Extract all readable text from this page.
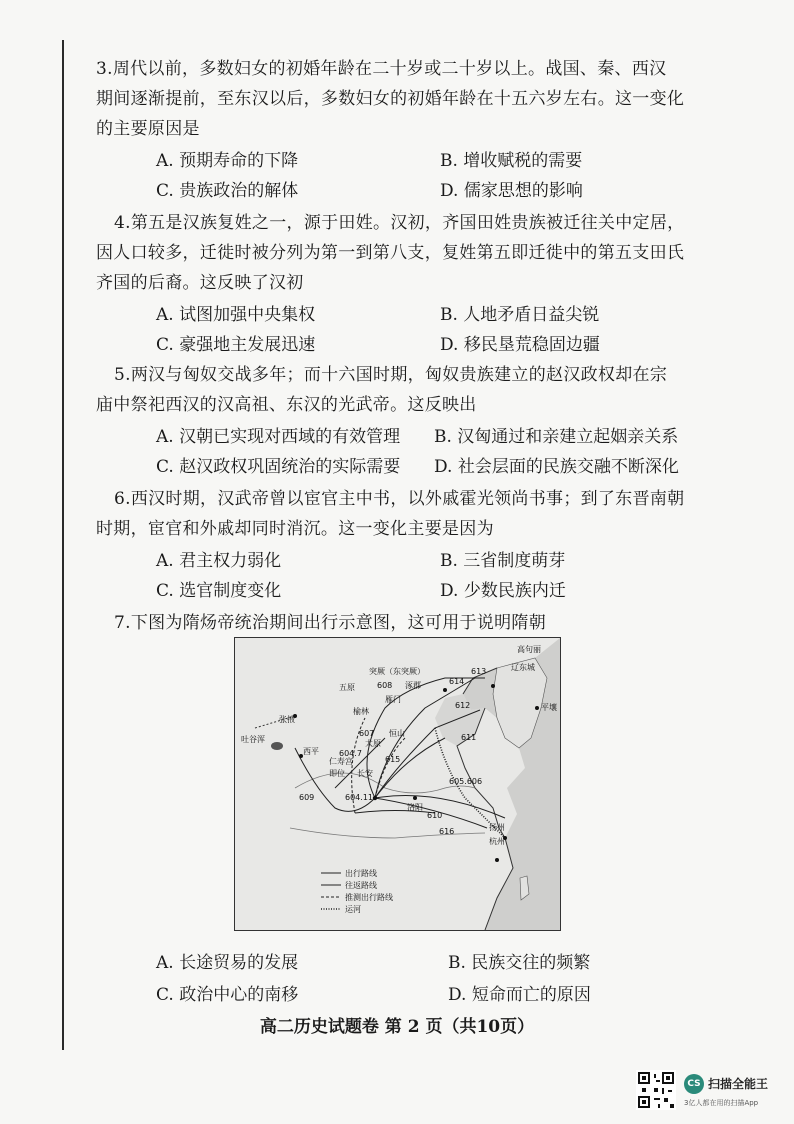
3.周代以前，多数妇女的初婚年龄在二十岁或二十岁以上。战国、秦、西汉
期间逐渐提前，至东汉以后，多数妇女的初婚年龄在十五六岁左右。这一变化
的主要原因是
A. 预期寿命的下降	B. 增收赋税的需要
C. 贵族政治的解体	D. 儒家思想的影响
4.第五是汉族复姓之一，源于田姓。汉初，齐国田姓贵族被迁往关中定居，
因人口较多，迁徙时被分列为第一到第八支，复姓第五即迁徙中的第五支田氏
齐国的后裔。这反映了汉初
A. 试图加强中央集权	B. 人地矛盾日益尖锐
C. 豪强地主发展迅速	D. 移民垦荒稳固边疆
5.两汉与匈奴交战多年；而十六国时期，匈奴贵族建立的赵汉政权却在宗
庙中祭祀西汉的汉高祖、东汉的光武帝。这反映出
A. 汉朝已实现对西域的有效管理 B. 汉匈通过和亲建立起姻亲关系
C. 赵汉政权巩固统治的实际需要 D. 社会层面的民族交融不断深化
6.西汉时期，汉武帝曾以宦官主中书，以外戚霍光领尚书事；到了东晋南朝
时期，宦官和外戚却同时消沉。这一变化主要是因为
A. 君主权力弱化	B. 三省制度萌芽
C. 选官制度变化	D. 少数民族内迁
7.下图为隋炀帝统治期间出行示意图，这可用于说明隋朝
突厥（东突厥）
高句丽
辽东城
平壤
张掖
吐谷浑
西平
五原
雁门
涿郡
榆林
太原
恒山
仁寿宫
即位 长安
洛阳
扬州
杭州
608
613
614
612
611
607
615
604.7
609	604.11
605.606
610
616
出行路线
往返路线
推测出行路线
运河
A. 长途贸易的发展	B. 民族交往的频繁
C. 政治中心的南移	D. 短命而亡的原因
高二历史试题卷 第 2 页（共10页）
CS 扫描全能王
3亿人都在用的扫描App
